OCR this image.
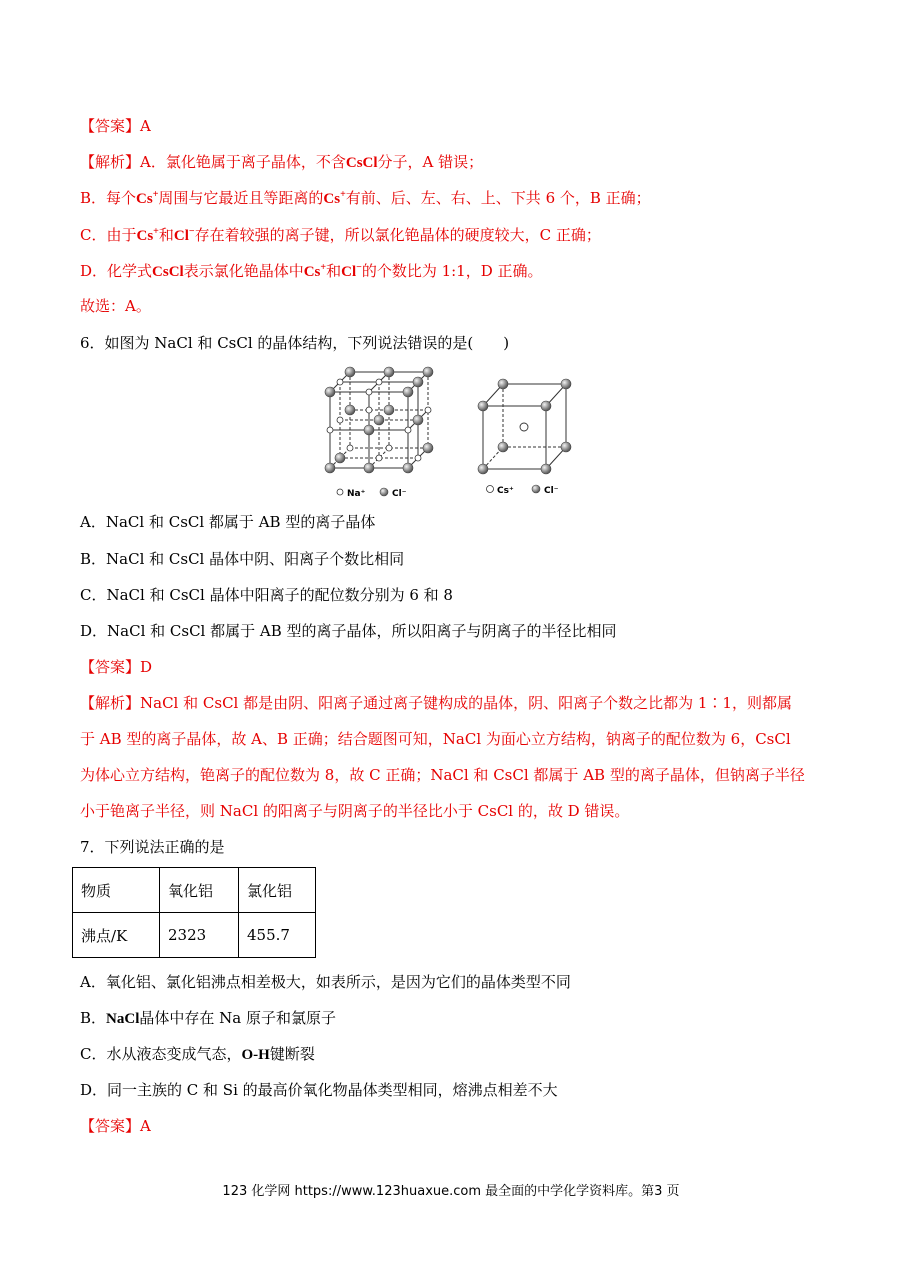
【答案】A
【解析】A．氯化铯属于离子晶体，不含CsCl分子，A 错误；
B．每个Cs+周围与它最近且等距离的Cs+有前、后、左、右、上、下共 6 个，B 正确；
C．由于Cs+和Cl−存在着较强的离子键，所以氯化铯晶体的硬度较大，C 正确；
D．化学式CsCl表示氯化铯晶体中Cs+和Cl−的个数比为 1:1，D 正确。
故选：A。
6．如图为 NaCl 和 CsCl 的晶体结构，下列说法错误的是(　　)
Na⁺	Cl⁻	Cs⁺	Cl⁻
A．NaCl 和 CsCl 都属于 AB 型的离子晶体
B．NaCl 和 CsCl 晶体中阴、阳离子个数比相同
C．NaCl 和 CsCl 晶体中阳离子的配位数分别为 6 和 8
D．NaCl 和 CsCl 都属于 AB 型的离子晶体，所以阳离子与阴离子的半径比相同
【答案】D
【解析】NaCl 和 CsCl 都是由阴、阳离子通过离子键构成的晶体，阴、阳离子个数之比都为 1∶1，则都属
于 AB 型的离子晶体，故 A、B 正确；结合题图可知，NaCl 为面心立方结构，钠离子的配位数为 6，CsCl
为体心立方结构，铯离子的配位数为 8，故 C 正确；NaCl 和 CsCl 都属于 AB 型的离子晶体，但钠离子半径
小于铯离子半径，则 NaCl 的阳离子与阴离子的半径比小于 CsCl 的，故 D 错误。
7．下列说法正确的是
物质	氧化铝	氯化铝
沸点/K	2323	455.7
A．氧化铝、氯化铝沸点相差极大，如表所示，是因为它们的晶体类型不同
B．NaCl晶体中存在 Na 原子和氯原子
C．水从液态变成气态，O-H键断裂
D．同一主族的 C 和 Si 的最高价氧化物晶体类型相同，熔沸点相差不大
【答案】A
123 化学网 https://www.123huaxue.com 最全面的中学化学资料库。第3 页
